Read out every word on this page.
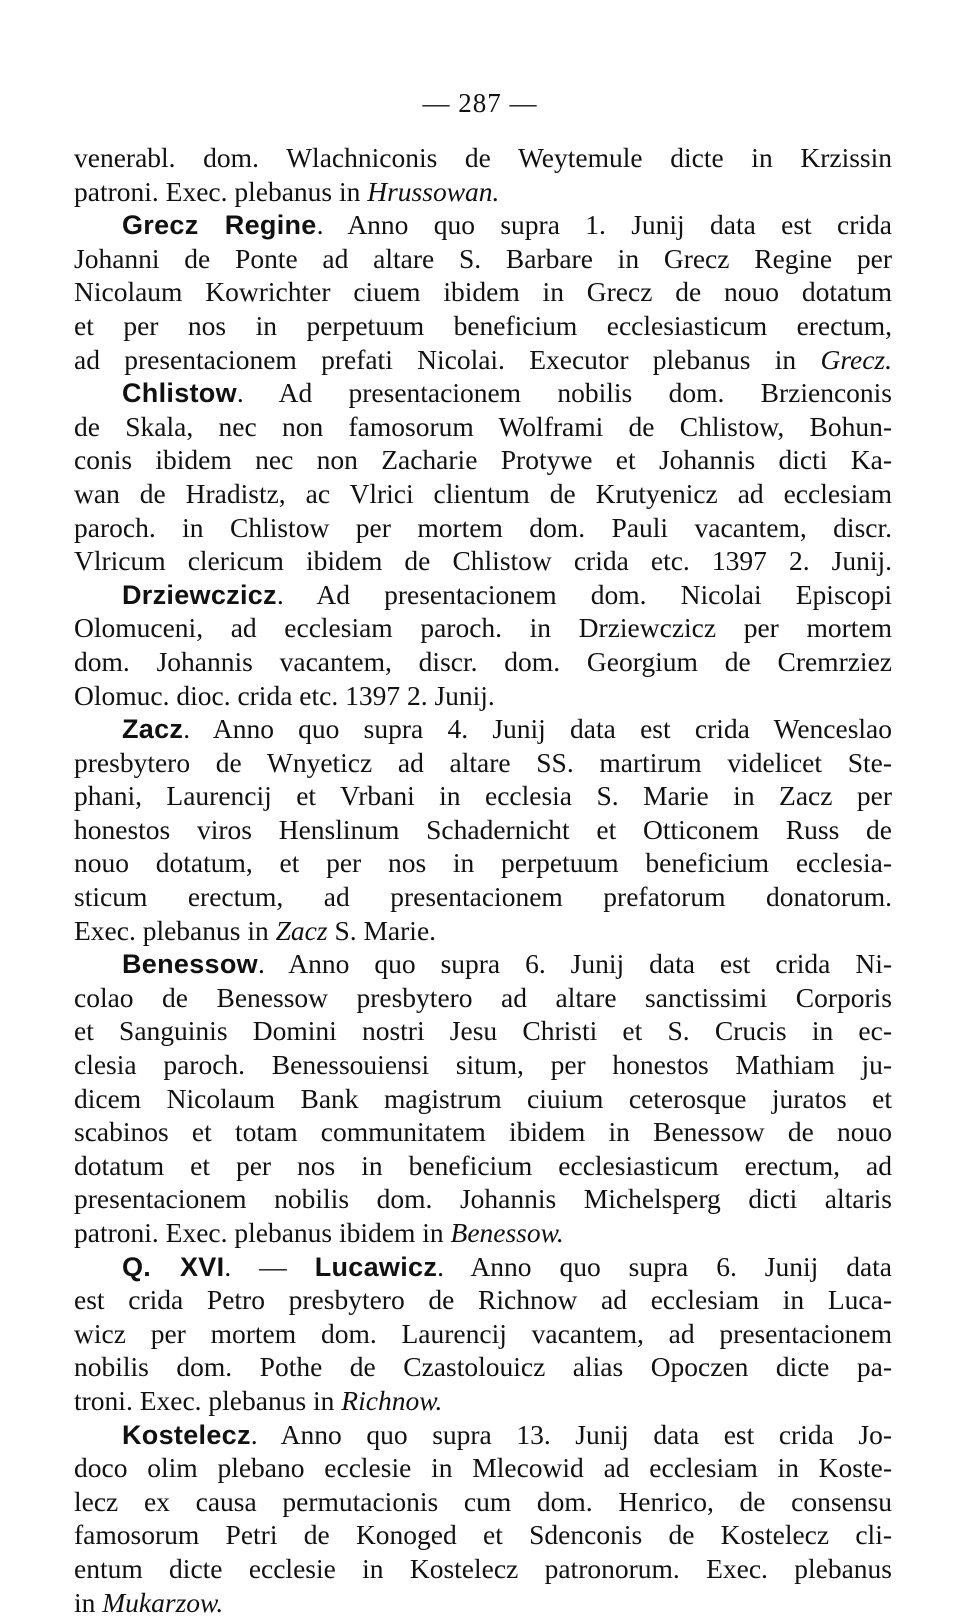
— 287 —
venerabl. dom. Wlachniconis de Weytemule dicte in Krzissin
patroni. Exec. plebanus in Hrussowan.
Grecz Regine. Anno quo supra 1. Junij data est crida
Johanni de Ponte ad altare S. Barbare in Grecz Regine per
Nicolaum Kowrichter ciuem ibidem in Grecz de nouo dotatum
et per nos in perpetuum beneficium ecclesiasticum erectum,
ad presentacionem prefati Nicolai. Executor plebanus in Grecz.
Chlistow. Ad presentacionem nobilis dom. Brzienconis
de Skala, nec non famosorum Wolframi de Chlistow, Bohun-
conis ibidem nec non Zacharie Protywe et Johannis dicti Ka-
wan de Hradistz, ac Vlrici clientum de Krutyenicz ad ecclesiam
paroch. in Chlistow per mortem dom. Pauli vacantem, discr.
Vlricum clericum ibidem de Chlistow crida etc. 1397 2. Junij.
Drziewczicz. Ad presentacionem dom. Nicolai Episcopi
Olomuceni, ad ecclesiam paroch. in Drziewczicz per mortem
dom. Johannis vacantem, discr. dom. Georgium de Cremrziez
Olomuc. dioc. crida etc. 1397 2. Junij.
Zacz. Anno quo supra 4. Junij data est crida Wenceslao
presbytero de Wnyeticz ad altare SS. martirum videlicet Ste-
phani, Laurencij et Vrbani in ecclesia S. Marie in Zacz per
honestos viros Henslinum Schadernicht et Otticonem Russ de
nouo dotatum, et per nos in perpetuum beneficium ecclesia-
sticum erectum, ad presentacionem prefatorum donatorum.
Exec. plebanus in Zacz S. Marie.
Benessow. Anno quo supra 6. Junij data est crida Ni-
colao de Benessow presbytero ad altare sanctissimi Corporis
et Sanguinis Domini nostri Jesu Christi et S. Crucis in ec-
clesia paroch. Benessouiensi situm, per honestos Mathiam ju-
dicem Nicolaum Bank magistrum ciuium ceterosque juratos et
scabinos et totam communitatem ibidem in Benessow de nouo
dotatum et per nos in beneficium ecclesiasticum erectum, ad
presentacionem nobilis dom. Johannis Michelsperg dicti altaris
patroni. Exec. plebanus ibidem in Benessow.
Q. XVI. — Lucawicz. Anno quo supra 6. Junij data
est crida Petro presbytero de Richnow ad ecclesiam in Luca-
wicz per mortem dom. Laurencij vacantem, ad presentacionem
nobilis dom. Pothe de Czastolouicz alias Opoczen dicte pa-
troni. Exec. plebanus in Richnow.
Kostelecz. Anno quo supra 13. Junij data est crida Jo-
doco olim plebano ecclesie in Mlecowid ad ecclesiam in Koste-
lecz ex causa permutacionis cum dom. Henrico, de consensu
famosorum Petri de Konoged et Sdenconis de Kostelecz cli-
entum dicte ecclesie in Kostelecz patronorum. Exec. plebanus
in Mukarzow.
